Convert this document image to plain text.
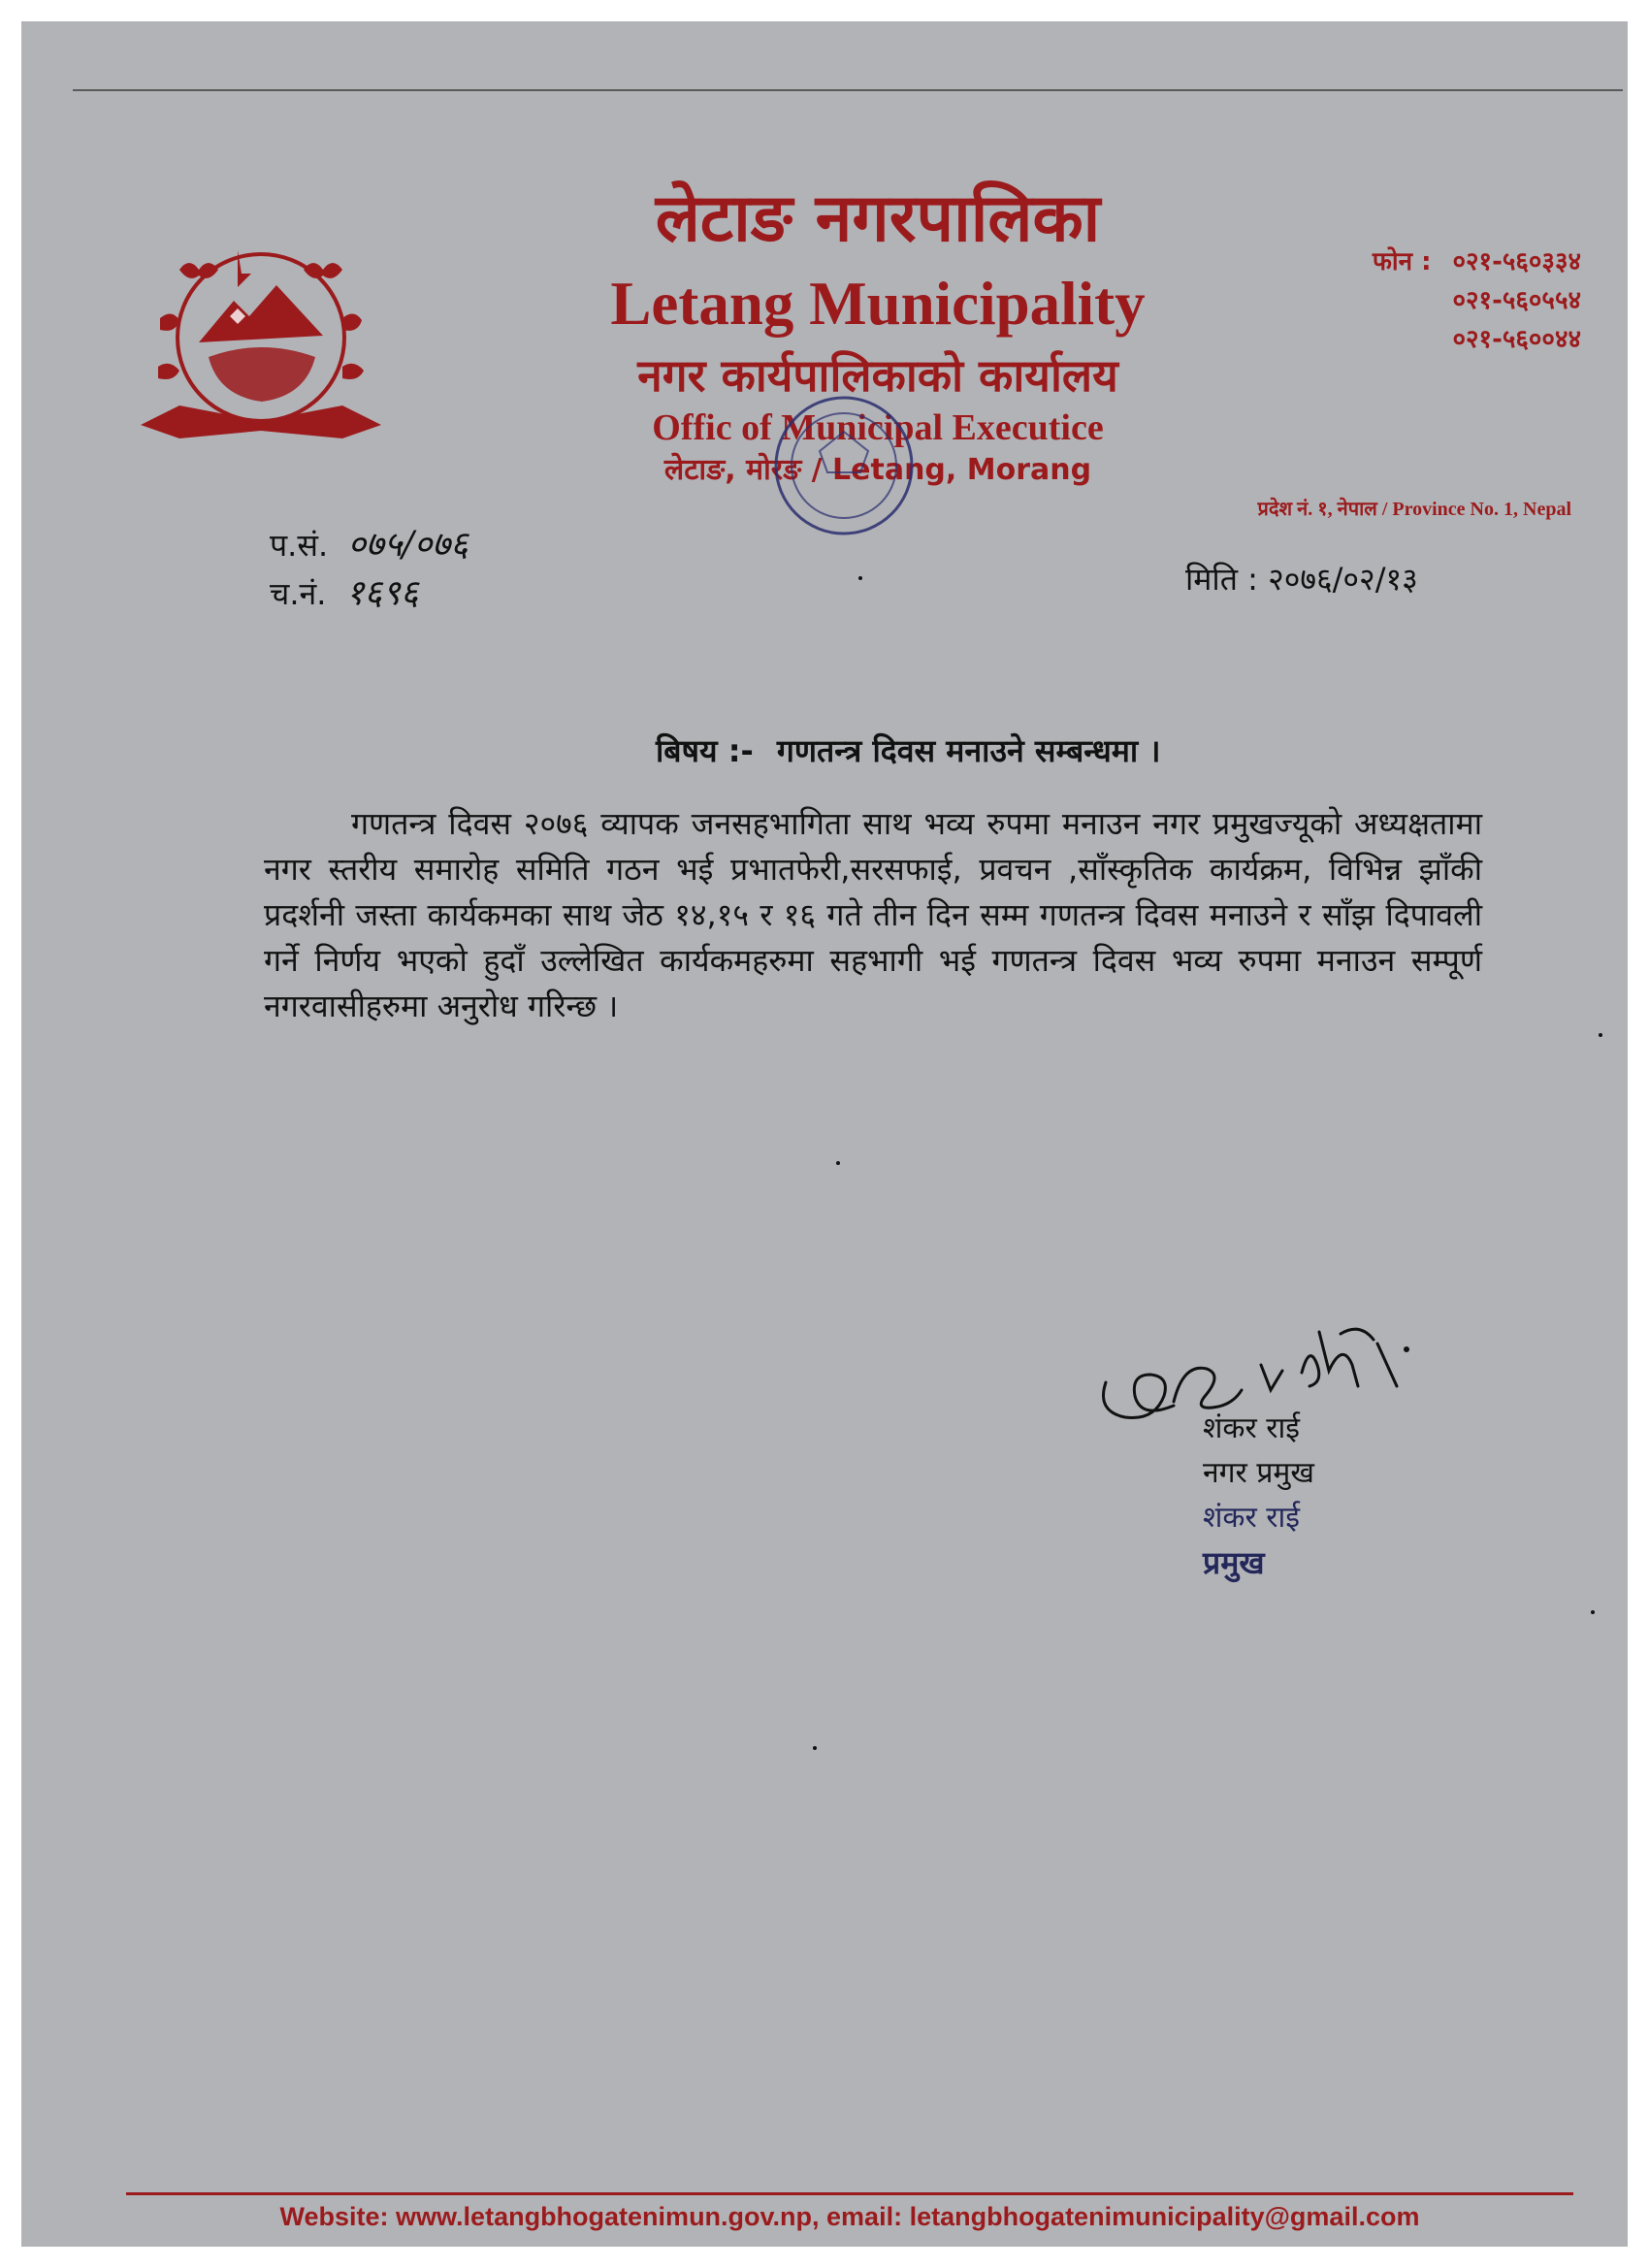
लेटाङ नगरपालिका
Letang Municipality
नगर कार्यपालिकाको कार्यालय
Offic of Municipal Executice
लेटाङ, मोरङ / Letang, Morang
फोन : ०२१-५६०३३४
०२१-५६०५५४
०२१-५६००४४
प्रदेश नं. १, नेपाल / Province No. 1, Nepal
प.सं. ०७५/०७६
च.नं. १६९६	मिति : २०७६/०२/१३
बिषय :- गणतन्त्र दिवस मनाउने सम्बन्धमा ।
गणतन्त्र दिवस २०७६ व्यापक जनसहभागिता साथ भव्य रुपमा मनाउन नगर प्रमुखज्यूको अध्यक्षतामा नगर स्तरीय समारोह समिति गठन भई प्रभातफेरी,सरसफाई, प्रवचन ,साँस्कृतिक कार्यक्रम, विभिन्न झाँकी प्रदर्शनी जस्ता कार्यकमका साथ जेठ १४,१५ र १६ गते तीन दिन सम्म गणतन्त्र दिवस मनाउने र साँझ दिपावली गर्ने निर्णय भएको हुदाँ उल्लेखित कार्यकमहरुमा सहभागी भई गणतन्त्र दिवस भव्य रुपमा मनाउन सम्पूर्ण नगरवासीहरुमा अनुरोध गरिन्छ ।
शंकर राई
नगर प्रमुख
शंकर राई
प्रमुख
Website: www.letangbhogatenimun.gov.np, email: letangbhogatenimunicipality@gmail.com
